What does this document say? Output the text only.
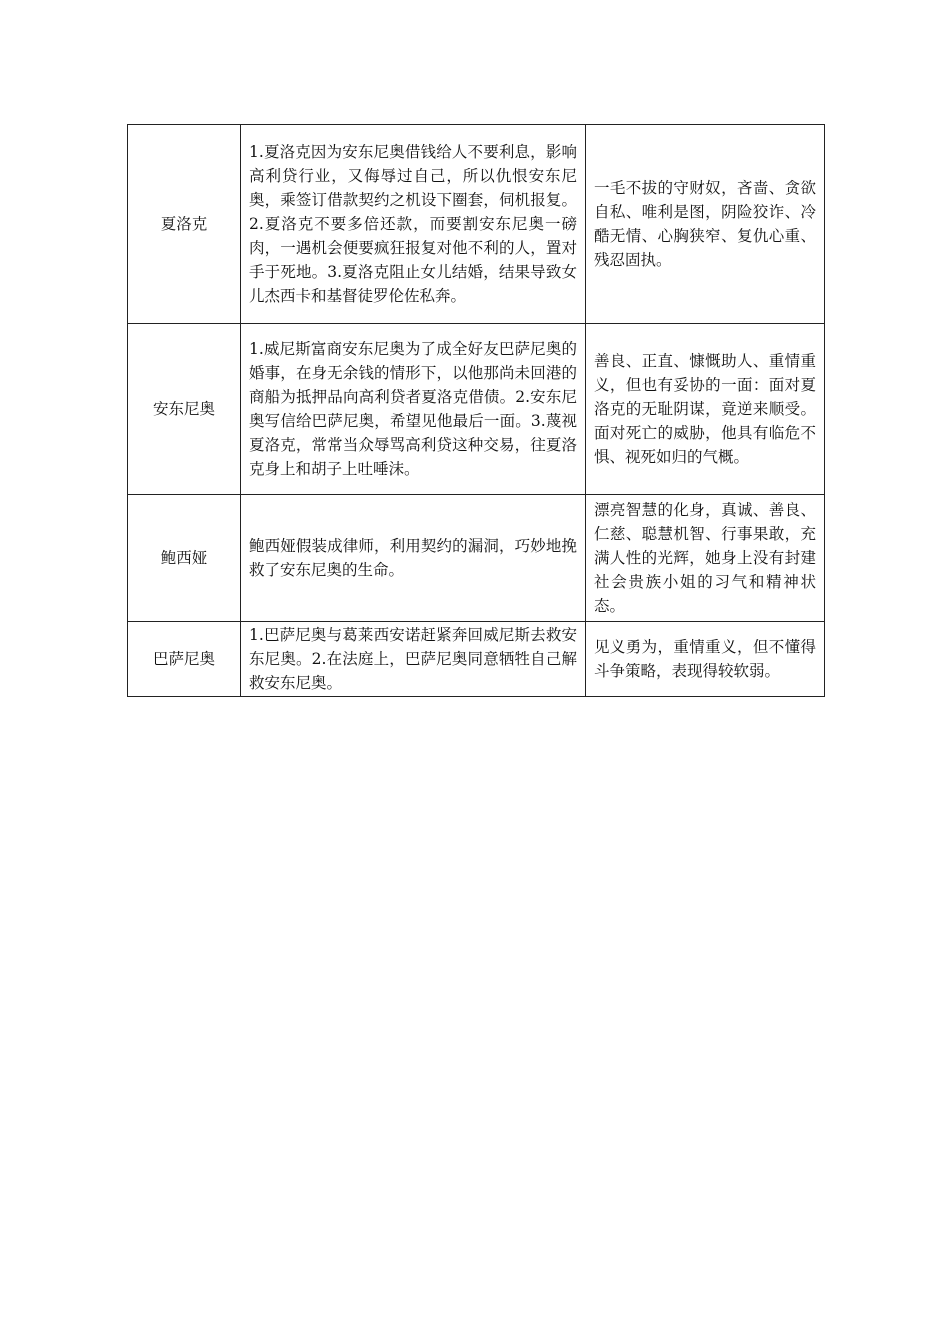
夏洛克	1.夏洛克因为安东尼奥借钱给人不要利息，影响高利贷行业，又侮辱过自己，所以仇恨安东尼奥，乘签订借款契约之机设下圈套，伺机报复。2.夏洛克不要多倍还款，而要割安东尼奥一磅肉，一遇机会便要疯狂报复对他不利的人，置对手于死地。3.夏洛克阻止女儿结婚，结果导致女儿杰西卡和基督徒罗伦佐私奔。	一毛不拔的守财奴，吝啬、贪欲自私、唯利是图，阴险狡诈、冷酷无情、心胸狭窄、复仇心重、残忍固执。
安东尼奥	1.威尼斯富商安东尼奥为了成全好友巴萨尼奥的婚事，在身无余钱的情形下，以他那尚未回港的商船为抵押品向高利贷者夏洛克借债。2.安东尼奥写信给巴萨尼奥，希望见他最后一面。3.蔑视夏洛克，常常当众辱骂高利贷这种交易，往夏洛克身上和胡子上吐唾沫。	善良、正直、慷慨助人、重情重义，但也有妥协的一面：面对夏洛克的无耻阴谋，竟逆来顺受。面对死亡的威胁，他具有临危不惧、视死如归的气概。
鲍西娅	鲍西娅假装成律师，利用契约的漏洞，巧妙地挽救了安东尼奥的生命。	漂亮智慧的化身，真诚、善良、仁慈、聪慧机智、行事果敢，充满人性的光辉，她身上没有封建社会贵族小姐的习气和精神状态。
巴萨尼奥	1.巴萨尼奥与葛莱西安诺赶紧奔回威尼斯去救安东尼奥。2.在法庭上，巴萨尼奥同意牺牲自己解救安东尼奥。	见义勇为，重情重义，但不懂得斗争策略，表现得较软弱。
